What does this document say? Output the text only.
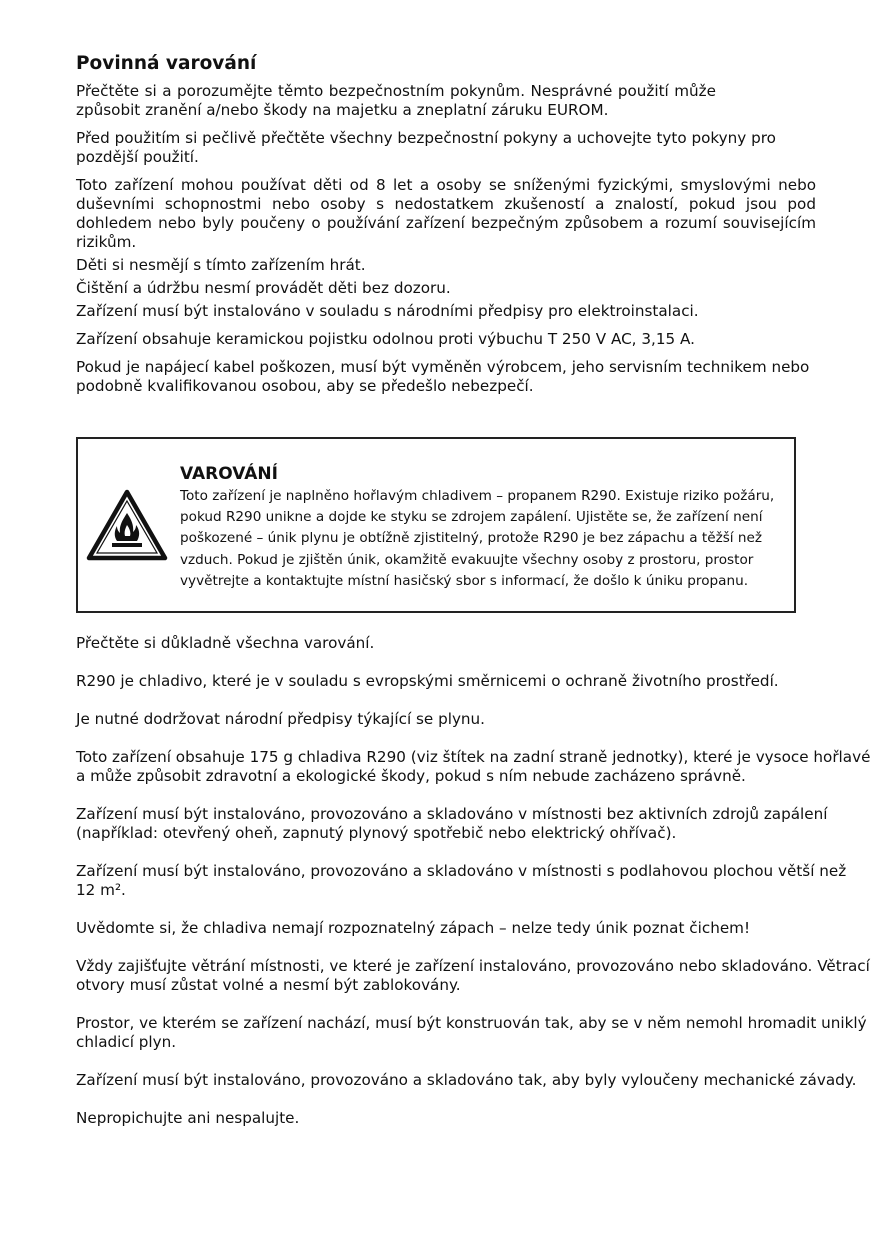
Povinná varování

Přečtěte si a porozumějte těmto bezpečnostním pokynům. Nesprávné použití může způsobit zranění a/nebo škody na majetku a zneplatní záruku EUROM.

Před použitím si pečlivě přečtěte všechny bezpečnostní pokyny a uchovejte tyto pokyny pro pozdější použití.

Toto zařízení mohou používat děti od 8 let a osoby se sníženými fyzickými, smyslovými nebo duševními schopnostmi nebo osoby s nedostatkem zkušeností a znalostí, pokud jsou pod dohledem nebo byly poučeny o používání zařízení bezpečným způsobem a rozumí souvisejícím rizikům.

Děti si nesmějí s tímto zařízením hrát.

Čištění a údržbu nesmí provádět děti bez dozoru.

Zařízení musí být instalováno v souladu s národními předpisy pro elektroinstalaci.

Zařízení obsahuje keramickou pojistku odolnou proti výbuchu T 250 V AC, 3,15 A.

Pokud je napájecí kabel poškozen, musí být vyměněn výrobcem, jeho servisním technikem nebo podobně kvalifikovanou osobou, aby se předešlo nebezpečí.

VAROVÁNÍ

Toto zařízení je naplněno hořlavým chladivem – propanem R290. Existuje riziko požáru, pokud R290 unikne a dojde ke styku se zdrojem zapálení. Ujistěte se, že zařízení není poškozené – únik plynu je obtížně zjistitelný, protože R290 je bez zápachu a těžší než vzduch. Pokud je zjištěn únik, okamžitě evakuujte všechny osoby z prostoru, prostor vyvětrejte a kontaktujte místní hasičský sbor s informací, že došlo k úniku propanu.

Přečtěte si důkladně všechna varování.

R290 je chladivo, které je v souladu s evropskými směrnicemi o ochraně životního prostředí.

Je nutné dodržovat národní předpisy týkající se plynu.

Toto zařízení obsahuje 175 g chladiva R290 (viz štítek na zadní straně jednotky), které je vysoce hořlavé a může způsobit zdravotní a ekologické škody, pokud s ním nebude zacházeno správně.

Zařízení musí být instalováno, provozováno a skladováno v místnosti bez aktivních zdrojů zapálení (například: otevřený oheň, zapnutý plynový spotřebič nebo elektrický ohřívač).

Zařízení musí být instalováno, provozováno a skladováno v místnosti s podlahovou plochou větší než
12 m².

Uvědomte si, že chladiva nemají rozpoznatelný zápach – nelze tedy únik poznat čichem!

Vždy zajišťujte větrání místnosti, ve které je zařízení instalováno, provozováno nebo skladováno. Větrací otvory musí zůstat volné a nesmí být zablokovány.

Prostor, ve kterém se zařízení nachází, musí být konstruován tak, aby se v něm nemohl hromadit uniklý chladicí plyn.

Zařízení musí být instalováno, provozováno a skladováno tak, aby byly vyloučeny mechanické závady.

Nepropichujte ani nespalujte.
